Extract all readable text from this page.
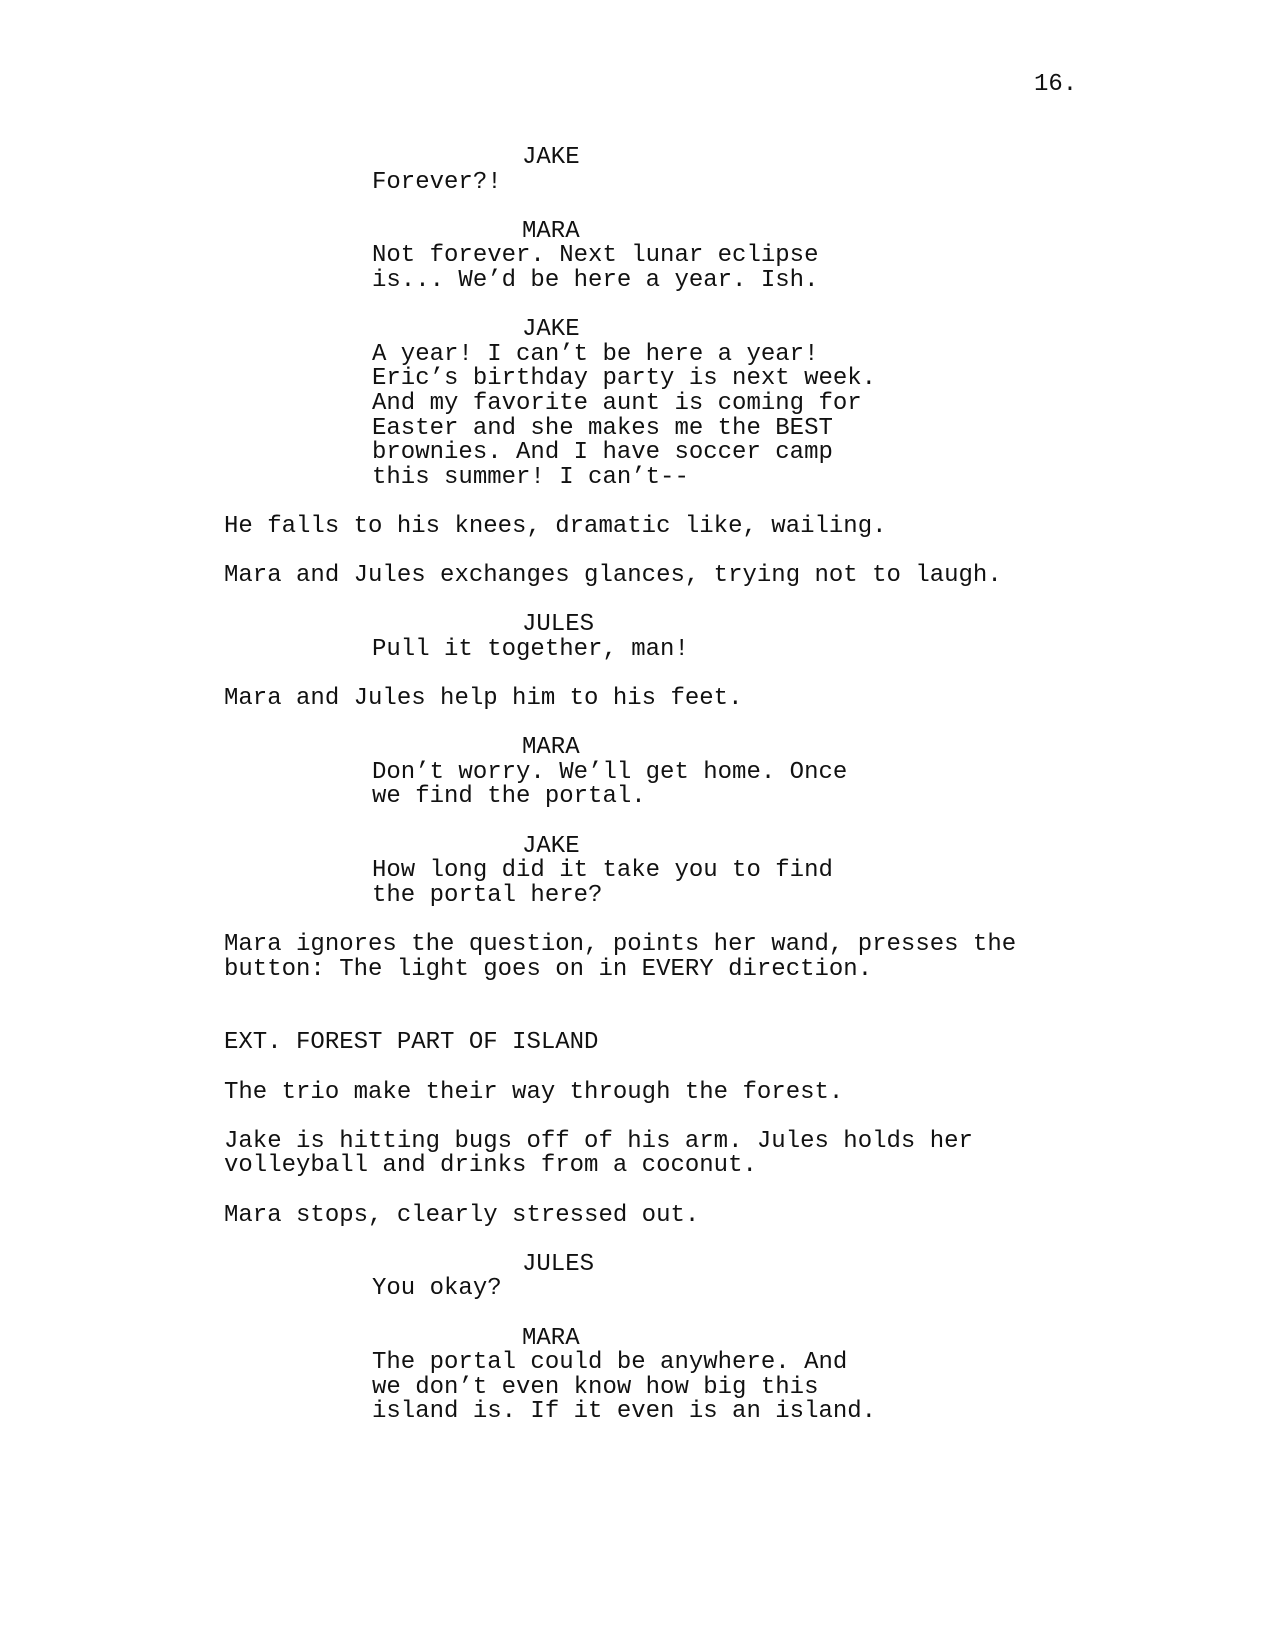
16.
JAKE
Forever?!
MARA
Not forever. Next lunar eclipse
is... We’d be here a year. Ish.
JAKE
A year! I can’t be here a year!
Eric’s birthday party is next week.
And my favorite aunt is coming for
Easter and she makes me the BEST
brownies. And I have soccer camp
this summer! I can’t--
He falls to his knees, dramatic like, wailing.
Mara and Jules exchanges glances, trying not to laugh.
JULES
Pull it together, man!
Mara and Jules help him to his feet.
MARA
Don’t worry. We’ll get home. Once
we find the portal.
JAKE
How long did it take you to find
the portal here?
Mara ignores the question, points her wand, presses the
button: The light goes on in EVERY direction.
EXT. FOREST PART OF ISLAND
The trio make their way through the forest.
Jake is hitting bugs off of his arm. Jules holds her
volleyball and drinks from a coconut.
Mara stops, clearly stressed out.
JULES
You okay?
MARA
The portal could be anywhere. And
we don’t even know how big this
island is. If it even is an island.
